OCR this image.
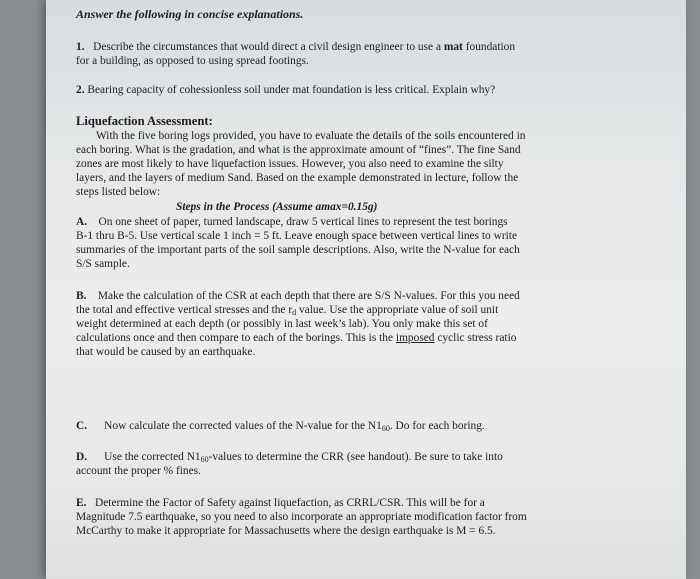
Answer the following in concise explanations.
1. Describe the circumstances that would direct a civil design engineer to use a mat foundation
for a building, as opposed to using spread footings.
2. Bearing capacity of cohessionless soil under mat foundation is less critical. Explain why?
Liquefaction Assessment:
With the five boring logs provided, you have to evaluate the details of the soils encountered in
each boring. What is the gradation, and what is the approximate amount of “fines”. The fine Sand
zones are most likely to have liquefaction issues. However, you also need to examine the silty
layers, and the layers of medium Sand. Based on the example demonstrated in lecture, follow the
steps listed below:
Steps in the Process (Assume amax=0.15g)
A. On one sheet of paper, turned landscape, draw 5 vertical lines to represent the test borings
B-1 thru B-5. Use vertical scale 1 inch = 5 ft. Leave enough space between vertical lines to write
summaries of the important parts of the soil sample descriptions. Also, write the N-value for each
S/S sample.
B. Make the calculation of the CSR at each depth that there are S/S N-values. For this you need
the total and effective vertical stresses and the $r_d$ value. Use the appropriate value of soil unit
weight determined at each depth (or possibly in last week’s lab). You only make this set of
calculations once and then compare to each of the borings. This is the imposed cyclic stress ratio
that would be caused by an earthquake.
C. Now calculate the corrected values of the N-value for the $N1_{60}$. Do for each boring.
D. Use the corrected $N1_{60}$-values to determine the CRR (see handout). Be sure to take into
account the proper % fines.
E. Determine the Factor of Safety against liquefaction, as CRRL/CSR. This will be for a
Magnitude 7.5 earthquake, so you need to also incorporate an appropriate modification factor from
McCarthy to make it appropriate for Massachusetts where the design earthquake is M = 6.5.
